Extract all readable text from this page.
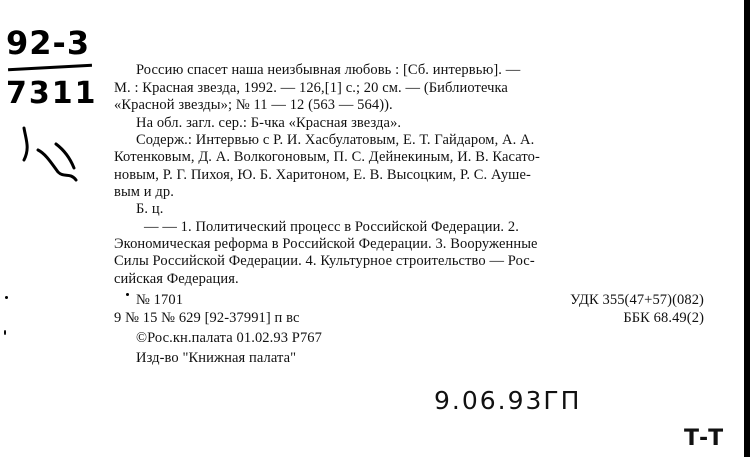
92-3
7311
Россию спасет наша неизбывная любовь : [Сб. интервью]. —
М. : Красная звезда, 1992. — 126,[1] с.; 20 см. — (Библиотечка
«Красной звезды»; № 11 — 12 (563 — 564)).
На обл. загл. сер.: Б-чка «Красная звезда».
Содерж.: Интервью с Р. И. Хасбулатовым, Е. Т. Гайдаром, А. А.
Котенковым, Д. А. Волкогоновым, П. С. Дейнекиным, И. В. Касато-
новым, Р. Г. Пихоя, Ю. Б. Харитоном, Е. В. Высоцким, Р. С. Ауше-
вым и др.
Б. ц.
— — 1. Политический процесс в Российской Федерации. 2.
Экономическая реформа в Российской Федерации. 3. Вооруженные
Силы Российской Федерации. 4. Культурное строительство — Рос-
сийская Федерация.
№ 1701
9 № 15 № 629 [92-37991] п вс
©Рос.кн.палата 01.02.93 Р767
Изд-во "Книжная палата"
УДК 355(47+57)(082)
ББК 68.49(2)
9.06.93ГП
Т-Т
